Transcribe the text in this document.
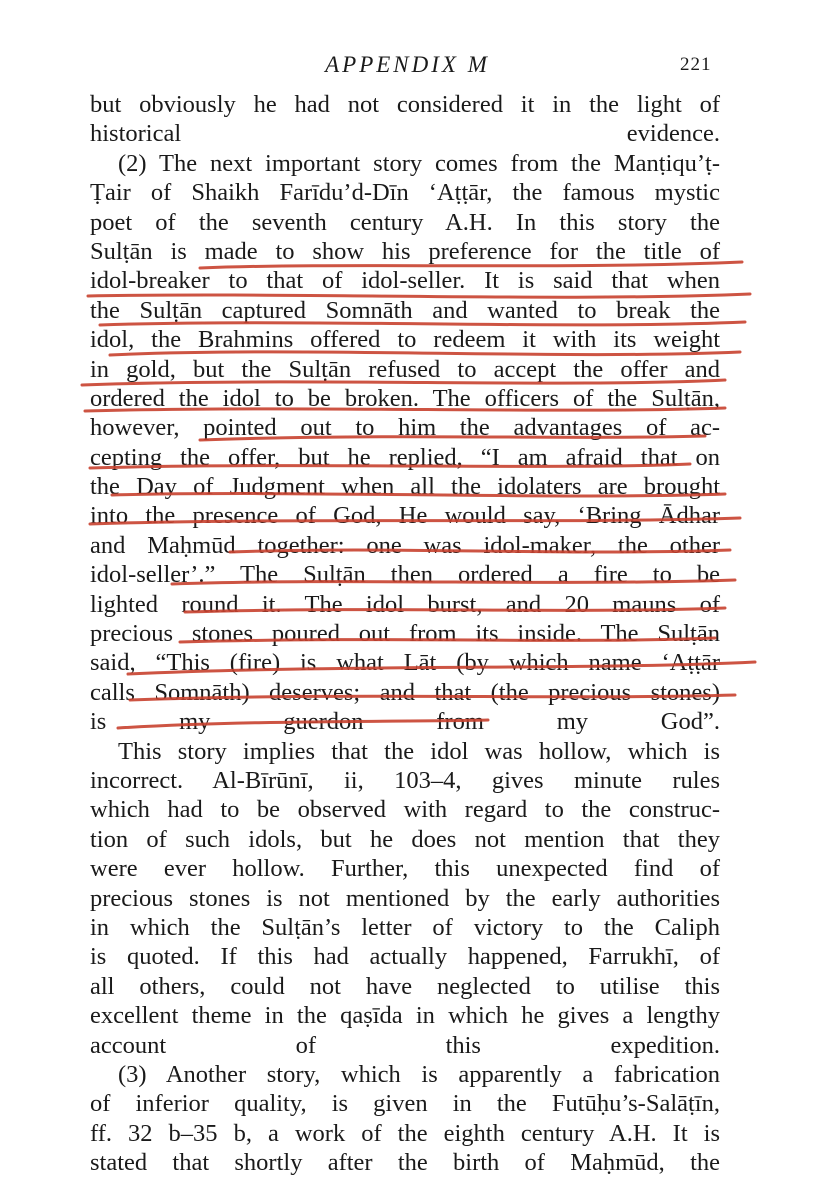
APPENDIX M	221
but obviously he had not considered it in the light of
historical evidence.
(2) The next important story comes from the Manṭiqu’ṭ-
Ṭair of Shaikh Farīdu’d-Dīn ‘Aṭṭār, the famous mystic
poet of the seventh century A.H. In this story the
Sulṭān is made to show his preference for the title of
idol-breaker to that of idol-seller. It is said that when
the Sulṭān captured Somnāth and wanted to break the
idol, the Brahmins offered to redeem it with its weight
in gold, but the Sulṭān refused to accept the offer and
ordered the idol to be broken. The officers of the Sulṭān,
however, pointed out to him the advantages of ac-
cepting the offer, but he replied, “I am afraid that on
the Day of Judgment when all the idolaters are brought
into the presence of God, He would say, ‘Bring Ādhar
and Maḥmūd together: one was idol-maker, the other
idol-seller’.” The Sulṭān then ordered a fire to be
lighted round it. The idol burst, and 20 mauns of
precious stones poured out from its inside. The Sulṭān
said, “This (fire) is what Lāt (by which name ‘Aṭṭār
calls Somnāth) deserves; and that (the precious stones)
is my guerdon from my God”.
This story implies that the idol was hollow, which is
incorrect. Al-Bīrūnī, ii, 103–4, gives minute rules
which had to be observed with regard to the construc-
tion of such idols, but he does not mention that they
were ever hollow. Further, this unexpected find of
precious stones is not mentioned by the early authorities
in which the Sulṭān’s letter of victory to the Caliph
is quoted. If this had actually happened, Farrukhī, of
all others, could not have neglected to utilise this
excellent theme in the qaṣīda in which he gives a lengthy
account of this expedition.
(3) Another story, which is apparently a fabrication
of inferior quality, is given in the Futūḥu’s-Salāṭīn,
ff. 32 b–35 b, a work of the eighth century A.H. It is
stated that shortly after the birth of Maḥmūd, the
